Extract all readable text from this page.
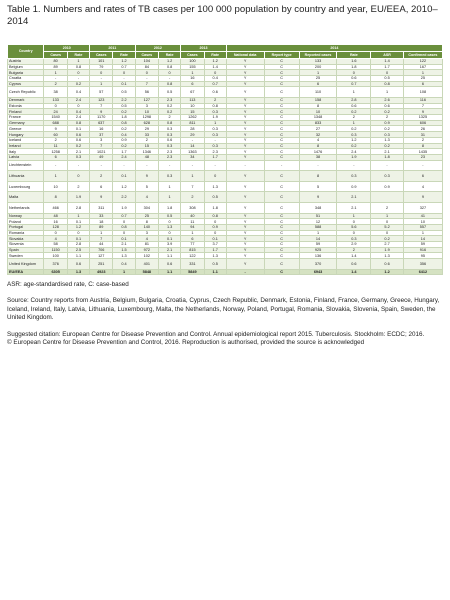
Table 1. Numbers and rates of TB cases per 100 000 population by country and year, EU/EEA, 2010–2014
Country	2010		2011		2012		2013		2014					
	Cases	Rate	Cases	Rate	Cases	Rate	Cases	Rate	National data	Report type	Reported cases	Rate	ASR	Confirmed cases
Austria	80	1	101	1.2	104	1.2	100	1.2	Y	C	133	1.6	1.4	122
Belgium	89	0.8	79	0.7	84	0.8	155	1.4	Y	C	200	1.8	1.7	167
Bulgaria	1	0	0	0	0	0	1	0	Y	C	1	0	0	1
Croatia	-	-	-	-	-	-	16	0.4	Y	C	25	0.6	0.5	25
Cyprus	2	0.2	1	0.1	7	0.8	6	0.7	Y	C	6	0.7	0.8	6
Czech Republic	38	0.4	57	0.5	56	0.5	67	0.6	Y	C	110	1	1	108
Denmark	133	2.4	123	2.2	127	2.3	113	2	Y	C	158	2.8	2.6	116
Estonia	0	0	7	0.5	3	0.2	10	0.8	Y	C	8	0.6	0.6	7
Finland	24	0.4	9	0.2	10	0.2	15	0.3	Y	C	10	0.2	0.2	9
France	1540	2.4	1170	1.8	1298	2	1262	1.9	Y	C	1348	2	2	1325
Germany	688	0.8	637	0.8	628	0.8	811	1	Y	C	833	1	0.9	606
Greece	9	0.1	16	0.2	29	0.3	28	0.3	Y	C	27	0.2	0.2	26
Hungary	60	0.6	37	0.4	33	0.3	29	0.3	Y	C	32	0.3	0.3	31
Iceland	2	0.6	3	0.9	2	0.6	-	-	Y	C	4	1.2	1.3	2
Ireland	11	0.2	7	0.2	15	0.3	14	0.3	Y	C	8	0.2	0.2	8
Italy	1258	2.1	1021	1.7	1346	2.3	1363	2.3	Y	C	1476	2.4	2.1	1435
Latvia	6	0.3	49	2.4	48	2.3	34	1.7	Y	C	38	1.9	1.8	23
Liechtenstein	-	-	-	-	-	-	-	-	-	-	-	-	-	-
Lithuania	1	0	2	0.1	9	0.3	1	0	Y	C	8	0.3	0.3	6
Luxembourg	10	2	6	1.2	5	1	7	1.3	Y	C	5	0.9	0.9	4
Malta	8	1.9	9	2.2	4	1	2	0.5	Y	C	9	2.1		9
Netherlands	466	2.8	311	1.9	304	1.8	308	1.8	Y	C	348	2.1	2	327
Norway	48	1	33	0.7	25	0.5	40	0.8	Y	C	51	1	1	41
Poland	16	0.1	18	0	8	0	11	0	Y	C	12	0	0	10
Portugal	128	1.2	89	0.8	140	1.3	94	0.9	Y	C	588	5.6	5.2	557
Romania	0	0	1	0	3	0	1	0	Y	C	1	0	0	1
Slovakia	4	0.1	7	0.1	4	0.1	6	0.1	Y	C	14	0.3	0.2	14
Slovenia	58	2.8	44	2.1	81	3.9	77	3.7	Y	C	59	2.9	2.7	59
Spain	1150	2.5	706	1.5	972	2.1	815	1.7	Y	C	925	2	1.9	916
Sweden	100	1.1	127	1.3	102	1.1	122	1.3	Y	C	136	1.4	1.3	95
United Kingdom	376	0.6	251	0.4	401	0.6	331	0.5	Y	C	370	0.6	0.6	356
EU/EEA	6305	1.3	4923	1	5848	1.1	5849	1.1	-	C	6943	1.4	1.2	6412
ASR: age-standardised rate, C: case-based
Source: Country reports from Austria, Belgium, Bulgaria, Croatia, Cyprus, Czech Republic, Denmark, Estonia, Finland, France, Germany, Greece, Hungary, Iceland, Ireland, Italy, Latvia, Lithuania, Luxembourg, Malta, the Netherlands, Norway, Poland, Portugal, Romania, Slovakia, Slovenia, Spain, Sweden, the United Kingdom.
Suggested citation: European Centre for Disease Prevention and Control. Annual epidemiological report 2015. Tuberculosis. Stockholm: ECDC; 2016.
© European Centre for Disease Prevention and Control, 2016. Reproduction is authorised, provided the source is acknowledged
